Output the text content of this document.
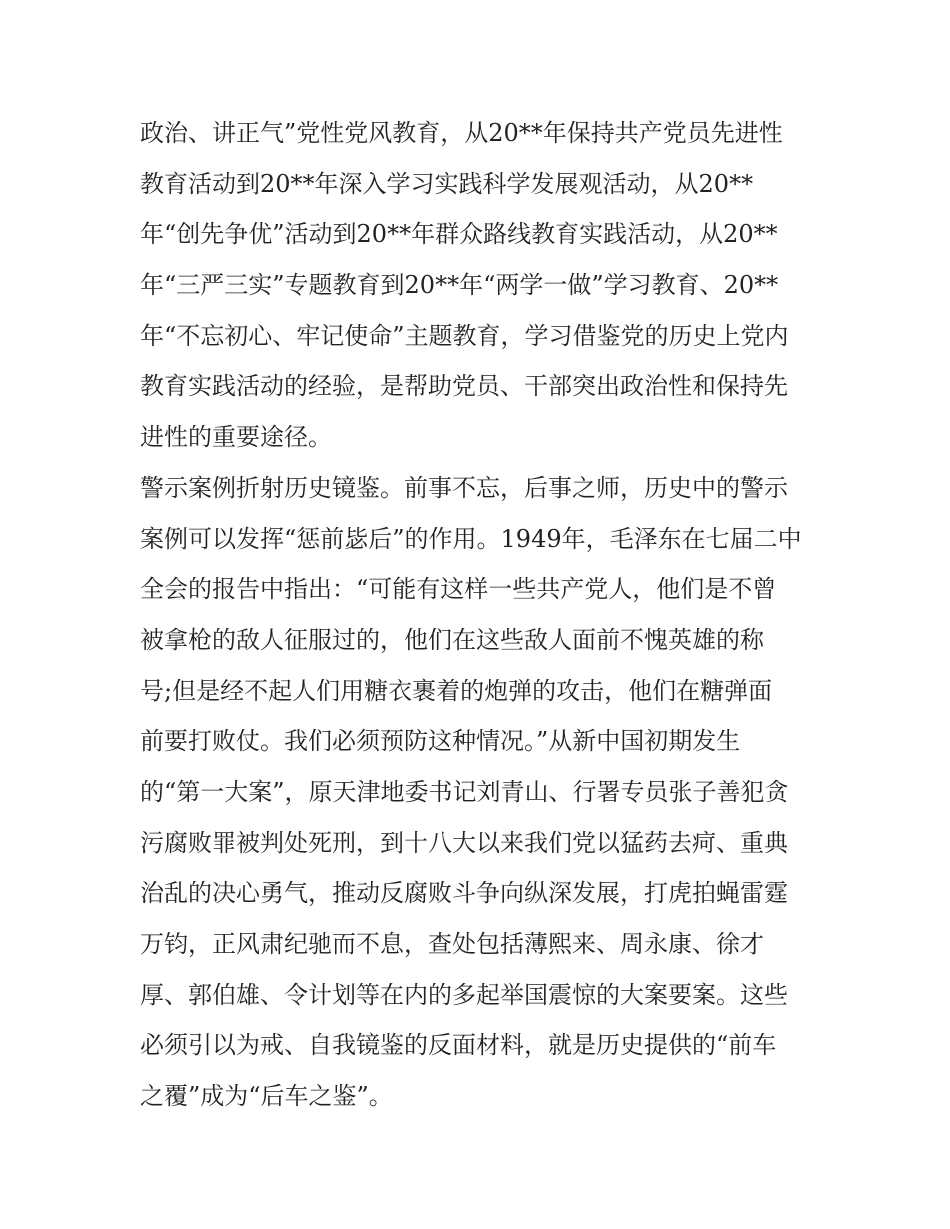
政治、讲正气”党性党风教育，从20**年保持共产党员先进性
教育活动到20**年深入学习实践科学发展观活动，从20**
年“创先争优”活动到20**年群众路线教育实践活动，从20**
年“三严三实”专题教育到20**年“两学一做”学习教育、20**
年“不忘初心、牢记使命”主题教育，学习借鉴党的历史上党内
教育实践活动的经验，是帮助党员、干部突出政治性和保持先
进性的重要途径。
警示案例折射历史镜鉴。前事不忘，后事之师，历史中的警示
案例可以发挥“惩前毖后”的作用。1949年，毛泽东在七届二中
全会的报告中指出：“可能有这样一些共产党人，他们是不曾
被拿枪的敌人征服过的，他们在这些敌人面前不愧英雄的称
号;但是经不起人们用糖衣裹着的炮弹的攻击，他们在糖弹面
前要打败仗。我们必须预防这种情况。”从新中国初期发生
的“第一大案”，原天津地委书记刘青山、行署专员张子善犯贪
污腐败罪被判处死刑，到十八大以来我们党以猛药去疴、重典
治乱的决心勇气，推动反腐败斗争向纵深发展，打虎拍蝇雷霆
万钧，正风肃纪驰而不息，查处包括薄熙来、周永康、徐才
厚、郭伯雄、令计划等在内的多起举国震惊的大案要案。这些
必须引以为戒、自我镜鉴的反面材料，就是历史提供的“前车
之覆”成为“后车之鉴”。
